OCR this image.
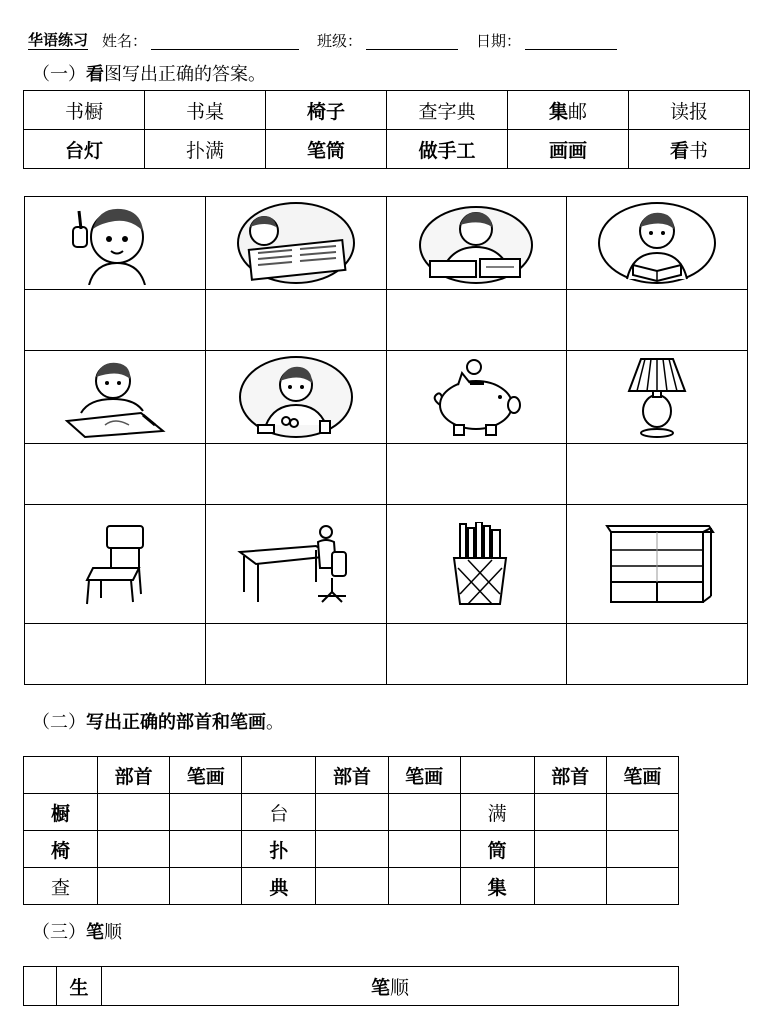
华语练习 姓名：	班级：	日期：
（一）看图写出正确的答案。
书橱	书桌	椅子	查字典	集邮	读报
台灯	扑满	笔筒	做手工	画画	看书

（二）写出正确的部首和笔画。
	部首	笔画		部首	笔画		部首	笔画
橱			台			满		
椅			扑			筒		
查			典			集		
（三）笔顺
	生	笔顺
